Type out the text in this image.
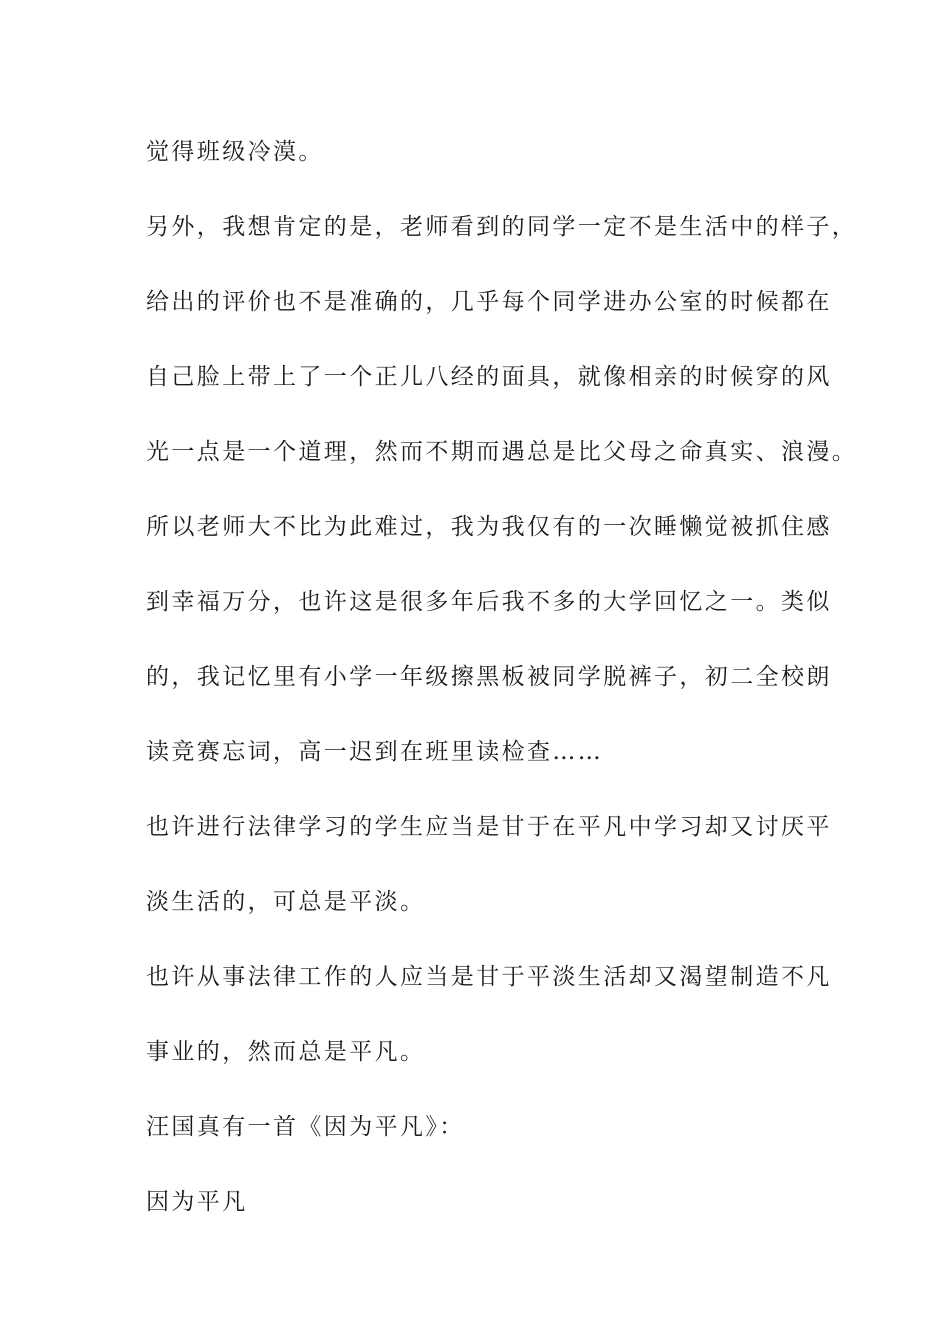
觉得班级冷漠。

另外，我想肯定的是，老师看到的同学一定不是生活中的样子，

给出的评价也不是准确的，几乎每个同学进办公室的时候都在

自己脸上带上了一个正儿八经的面具，就像相亲的时候穿的风

光一点是一个道理，然而不期而遇总是比父母之命真实、浪漫。

所以老师大不比为此难过，我为我仅有的一次睡懒觉被抓住感

到幸福万分，也许这是很多年后我不多的大学回忆之一。类似

的，我记忆里有小学一年级擦黑板被同学脱裤子，初二全校朗

读竞赛忘词，高一迟到在班里读检查……

也许进行法律学习的学生应当是甘于在平凡中学习却又讨厌平

淡生活的，可总是平淡。

也许从事法律工作的人应当是甘于平淡生活却又渴望制造不凡

事业的，然而总是平凡。

汪国真有一首《因为平凡》：

因为平凡
